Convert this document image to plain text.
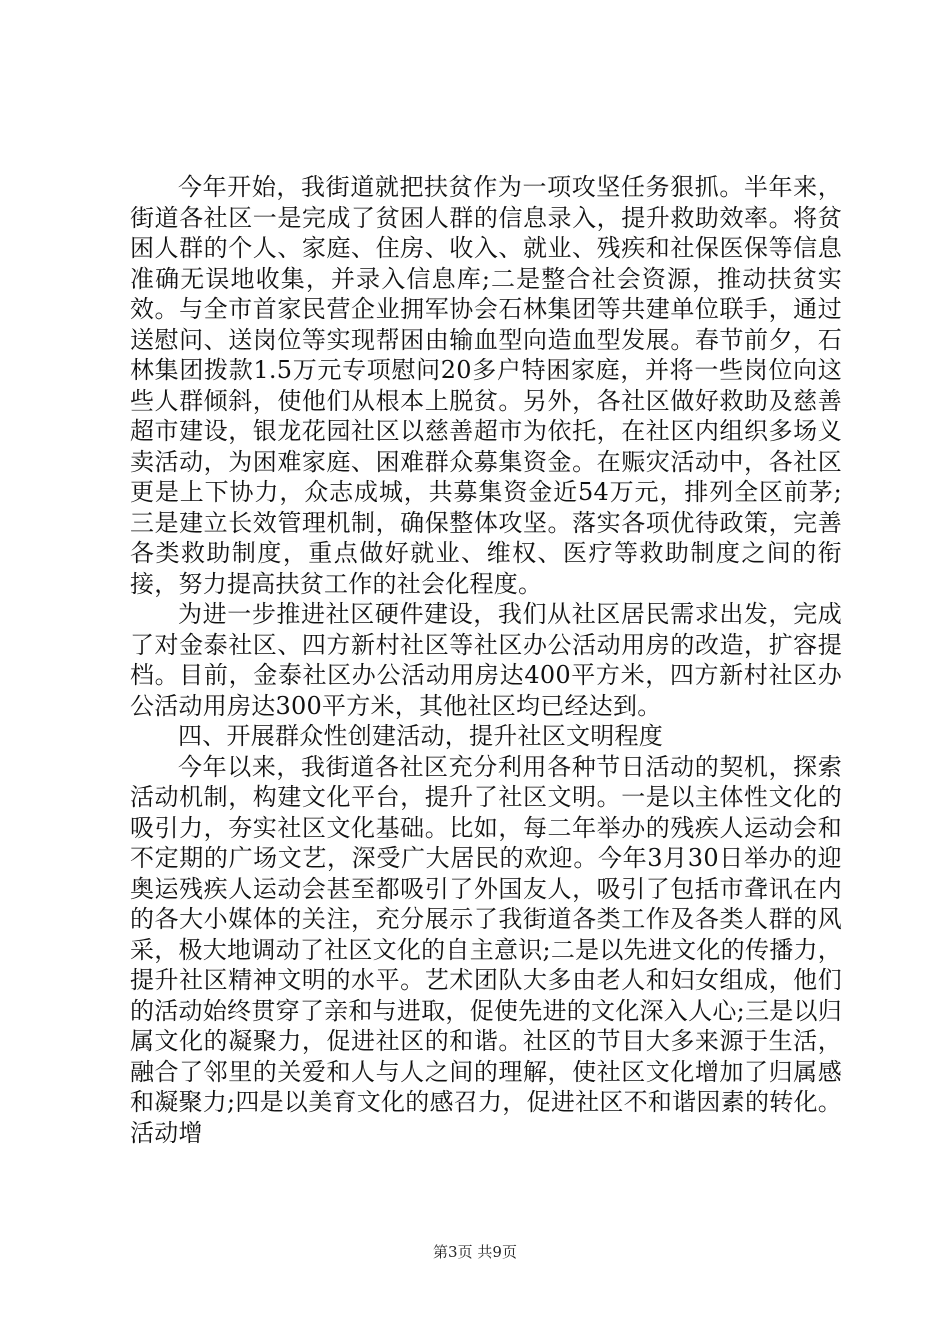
今年开始，我街道就把扶贫作为一项攻坚任务狠抓。半年来，街道各社区一是完成了贫困人群的信息录入，提升救助效率。将贫困人群的个人、家庭、住房、收入、就业、残疾和社保医保等信息准确无误地收集，并录入信息库;二是整合社会资源，推动扶贫实效。与全市首家民营企业拥军协会石林集团等共建单位联手，通过送慰问、送岗位等实现帮困由输血型向造血型发展。春节前夕，石林集团拨款1.5万元专项慰问20多户特困家庭，并将一些岗位向这些人群倾斜，使他们从根本上脱贫。另外，各社区做好救助及慈善超市建设，银龙花园社区以慈善超市为依托，在社区内组织多场义卖活动，为困难家庭、困难群众募集资金。在赈灾活动中，各社区更是上下协力，众志成城，共募集资金近54万元，排列全区前茅;三是建立长效管理机制，确保整体攻坚。落实各项优待政策，完善各类救助制度，重点做好就业、维权、医疗等救助制度之间的衔接，努力提高扶贫工作的社会化程度。

为进一步推进社区硬件建设，我们从社区居民需求出发，完成了对金泰社区、四方新村社区等社区办公活动用房的改造，扩容提档。目前，金泰社区办公活动用房达400平方米，四方新村社区办公活动用房达300平方米，其他社区均已经达到。

四、开展群众性创建活动，提升社区文明程度

今年以来，我街道各社区充分利用各种节日活动的契机，探索活动机制，构建文化平台，提升了社区文明。一是以主体性文化的吸引力，夯实社区文化基础。比如，每二年举办的残疾人运动会和不定期的广场文艺，深受广大居民的欢迎。今年3月30日举办的迎奥运残疾人运动会甚至都吸引了外国友人，吸引了包括市聋讯在内的各大小媒体的关注，充分展示了我街道各类工作及各类人群的风采，极大地调动了社区文化的自主意识;二是以先进文化的传播力，提升社区精神文明的水平。艺术团队大多由老人和妇女组成，他们的活动始终贯穿了亲和与进取，促使先进的文化深入人心;三是以归属文化的凝聚力，促进社区的和谐。社区的节目大多来源于生活，融合了邻里的关爱和人与人之间的理解，使社区文化增加了归属感和凝聚力;四是以美育文化的感召力，促进社区不和谐因素的转化。活动增

第3页 共9页
